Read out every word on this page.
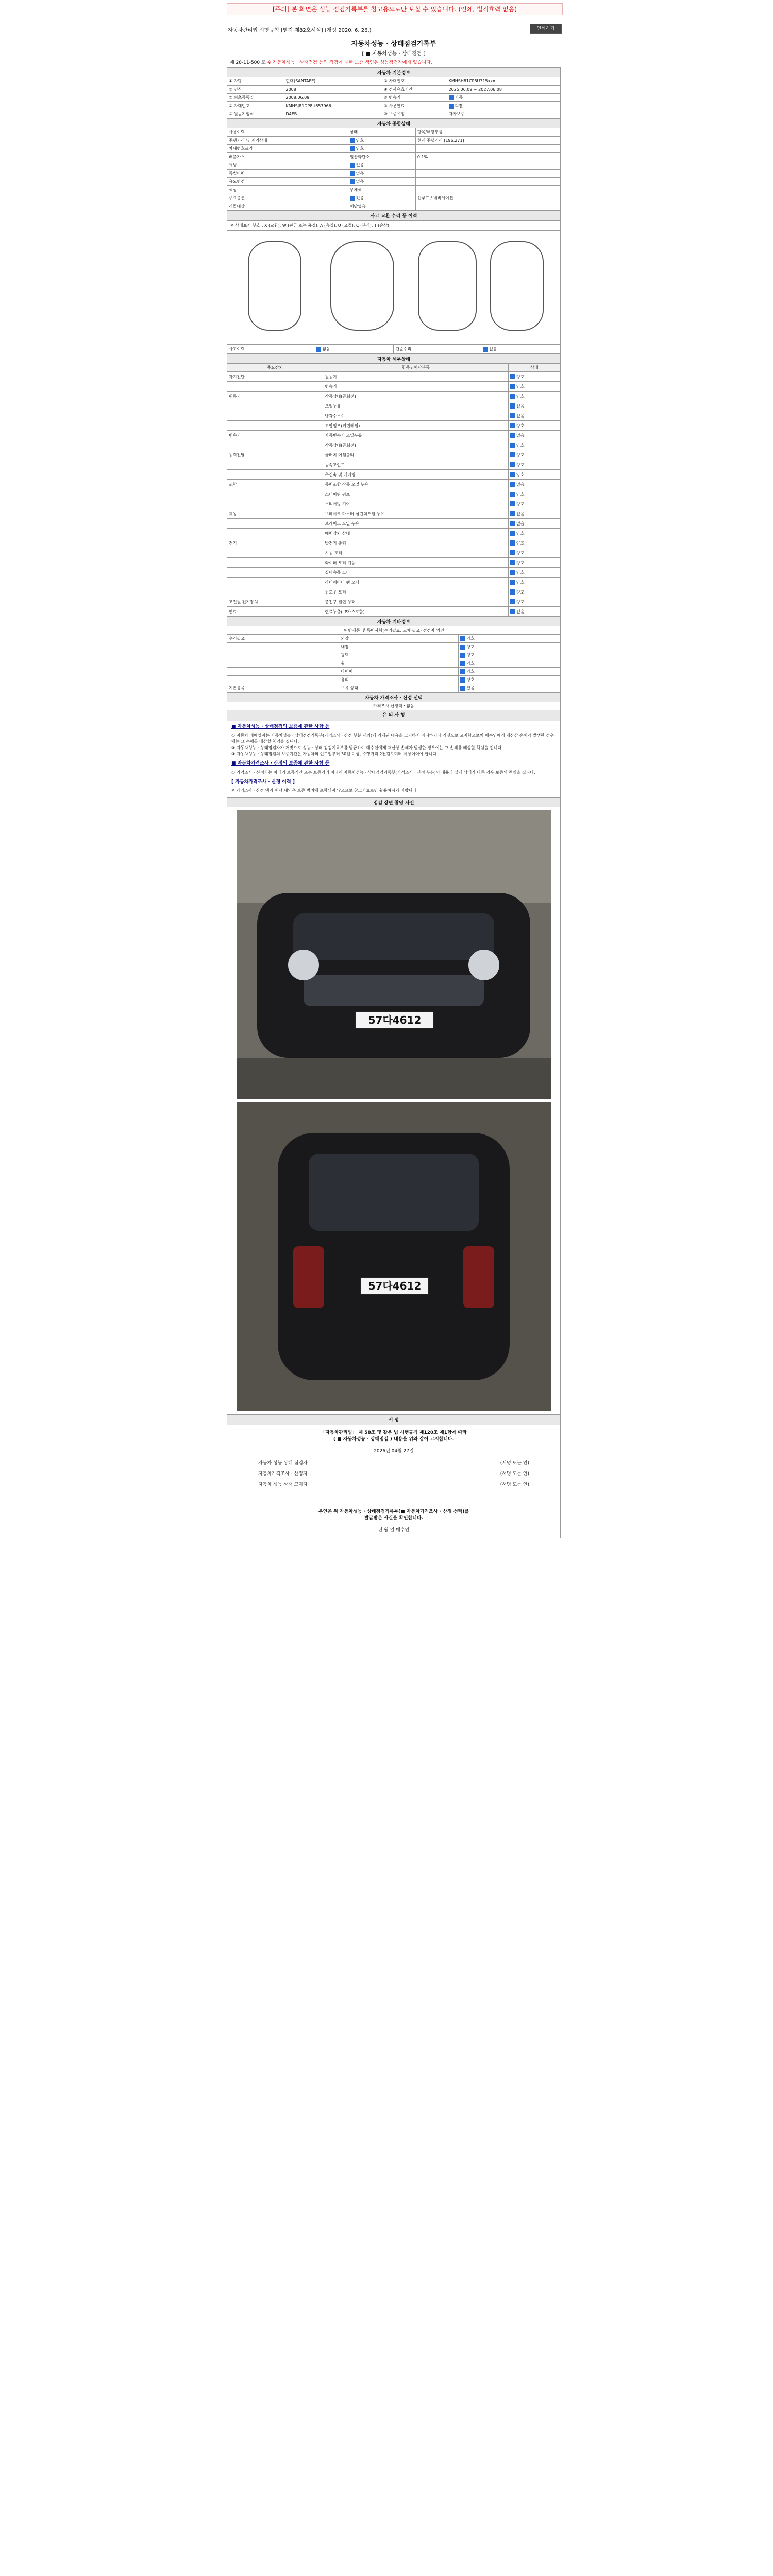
[주의] 본 화면은 성능 점검기록부를 참고용으로만 보실 수 있습니다. (인쇄, 법적효력 없음)
자동차관리법 시행규칙 [별지 제82호서식] (개정 2020. 6. 26.)	인쇄하기
자동차성능 · 상태점검기록부
[ ■ 자동차성능 · 상태점검 ]
제 28-11-500 호 ※ 자동차성능 · 상태점검 등의 점검에 대한 보증 책임은 성능점검자에게 있습니다.
자동차 기본정보			
① 차명	현대(SANTAFE)	② 차대번호	KMHSH81CP8U315xxx
③ 연식	2008	④ 검사유효기간	2025.06.09 ~ 2027.06.08
⑤ 최초등록일	2008.06.09	⑥ 변속기	자동
⑦ 차대번호	KMHSJ81DP8U657966	⑧ 사용연료	디젤
⑨ 원동기형식	D4EB	⑩ 보증유형	자가보증
자동차 종합상태		
사용이력	상태	항목/해당부품
주행거리 및 계기상태	양호	현재 주행거리 [196,271]
차대번호표기	양호	
배출가스	일산화탄소	0.1%
튜닝	없음	
특별이력	없음	
용도변경	없음	
색상	무채색	
주요옵션	있음	선루프 / 네비게이션
리콜대상	해당없음	
사고 교환 수리 등 이력
※ 상태표시 부호 : X (교환), W (판금 또는 용접), A (흠집), U (요철), C (부식), T (손상)
사고이력	없음	단순수리	없음
자동차 세부상태		
주요장치	항목 / 해당부품	상태
자기진단	원동기	양호
	변속기	양호
원동기	작동상태(공회전)	양호
	오일누유	없음
	냉각수누수	없음
	고압펌프(커먼레일)	양호
변속기	자동변속기 오일누유	없음
	작동상태(공회전)	양호
동력전달	클러치 어셈블리	양호
	등속조인트	양호
	추진축 및 베어링	양호
조향	동력조향 작동 오일 누유	없음
	스티어링 펌프	양호
	스티어링 기어	양호
제동	브레이크 마스터 실린더오일 누유	없음
	브레이크 오일 누유	없음
	배력장치 상태	양호
전기	발전기 출력	양호
	시동 모터	양호
	와이퍼 모터 기능	양호
	실내송풍 모터	양호
	라디에이터 팬 모터	양호
	윈도우 모터	양호
고전원 전기장치	충전구 절연 상태	양호
연료	연료누출(LP가스포함)	없음
자동차 기타정보		
※ 반제품 및 특이사항(수리필요, 교체 필요) 점검자 의견		
수리필요	외장	양호
	내장	양호
	광택	양호
	휠	양호
	타이어	양호
	유리	양호
기본품목	보유 상태	있음
자동차 가격조사 · 산정 선택
가격조사 산정액 : 없음
유 의 사 항
■ 자동차성능 · 상태점검의 보증에 관한 사항 등
① 자동차 매매업자는 자동차성능 · 상태점검기록부(가격조사 · 산정 부분 제외)에 기재된 내용을 고지하지 아니하거나 거짓으로 고지함으로써 매수인에게 재산상 손해가 발생한 경우에는 그 손해를 배상할 책임을 집니다.
② 자동차성능 · 상태점검자가 거짓으로 성능 · 상태 점검기록부를 발급하여 매수인에게 재산상 손해가 발생한 경우에는 그 손해를 배상할 책임을 집니다.
③ 자동차성능 · 상태점검의 보증기간은 자동차의 인도일부터 30일 이상, 주행거리 2천킬로미터 이상이어야 합니다.
■ 자동차가격조사 · 산정의 보증에 관한 사항 등
① 가격조사 · 산정자는 아래의 보증기간 또는 보증거리 이내에 자동차성능 · 상태점검기록부(가격조사 · 산정 부분)의 내용과 실제 상태가 다른 경우 보증의 책임을 집니다.
[ 자동차가격조사 · 산정 이력 ]
※ 가격조사 · 산정 액과 해당 내역은 보증 범위에 포함되지 않으므로 참고자료로만 활용하시기 바랍니다.
점검 장면 촬영 사진
57다4612
57다4612
서 명
「자동차관리법」 제 58조 및 같은 법 시행규칙 제120조 제1항에 따라
( ■ 자동차성능 · 상태점검 ) 내용을 위와 같이 고지합니다.
2026년 04월 27일
자동차 성능 상태 점검자	(서명 또는 인)
자동차가격조사 · 산정자	(서명 또는 인)
자동차 성능 상태 고지자	(서명 또는 인)
본인은 위 자동차성능 · 상태점검기록부(■ 자동차가격조사 · 산정 선택)를
발급받은 사실을 확인합니다.
년 월 일 매수인
